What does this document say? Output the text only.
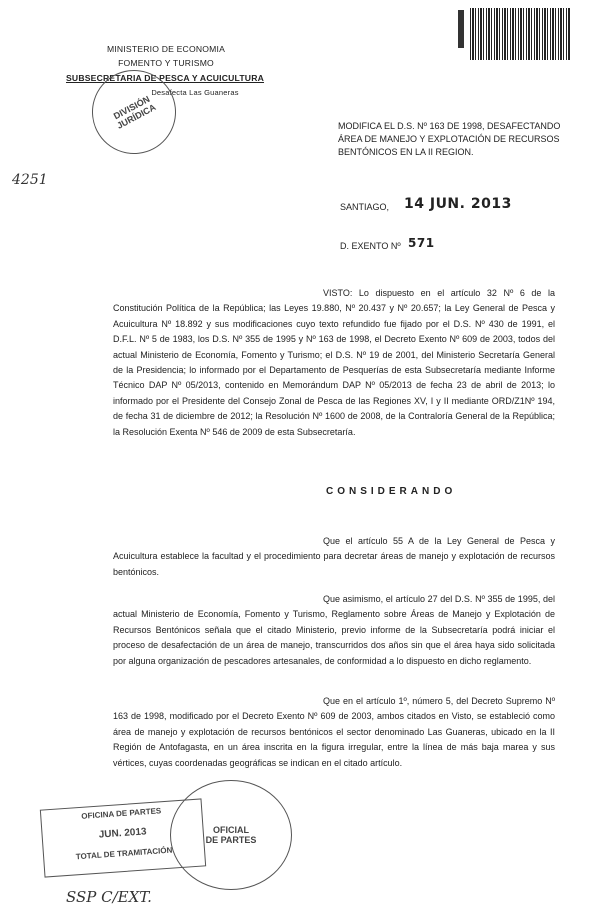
MINISTERIO DE ECONOMIA
FOMENTO Y TURISMO
SUBSECRETARIA DE PESCA Y ACUICULTURA
Desafecta Las Guaneras
DIVISIÓN JURÍDICA
4251
MODIFICA EL D.S. Nº 163 DE 1998, DESAFECTANDO ÁREA DE MANEJO Y EXPLOTACIÓN DE RECURSOS BENTÓNICOS EN LA II REGION.
SANTIAGO, 14 JUN. 2013
D. EXENTO Nº 571
VISTO: Lo dispuesto en el artículo 32 Nº 6 de la Constitución Política de la República; las Leyes 19.880, Nº 20.437 y Nº 20.657; la Ley General de Pesca y Acuicultura Nº 18.892 y sus modificaciones cuyo texto refundido fue fijado por el D.S. Nº 430 de 1991, el D.F.L. Nº 5 de 1983, los D.S. Nº 355 de 1995 y Nº 163 de 1998, el Decreto Exento Nº 609 de 2003, todos del actual Ministerio de Economía, Fomento y Turismo; el D.S. Nº 19 de 2001, del Ministerio Secretaría General de la Presidencia; lo informado por el Departamento de Pesquerías de esta Subsecretaría mediante Informe Técnico DAP Nº 05/2013, contenido en Memorándum DAP Nº 05/2013 de fecha 23 de abril de 2013; lo informado por el Presidente del Consejo Zonal de Pesca de las Regiones XV, I y II mediante ORD/Z1Nº 194, de fecha 31 de diciembre de 2012; la Resolución Nº 1600 de 2008, de la Contraloría General de la República; la Resolución Exenta Nº 546 de 2009 de esta Subsecretaría.
CONSIDERANDO
Que el artículo 55 A de la Ley General de Pesca y Acuicultura establece la facultad y el procedimiento para decretar áreas de manejo y explotación de recursos bentónicos.
Que asimismo, el artículo 27 del D.S. Nº 355 de 1995, del actual Ministerio de Economía, Fomento y Turismo, Reglamento sobre Áreas de Manejo y Explotación de Recursos Bentónicos señala que el citado Ministerio, previo informe de la Subsecretaría podrá iniciar el proceso de desafectación de un área de manejo, transcurridos dos años sin que el área haya sido solicitada por alguna organización de pescadores artesanales, de conformidad a lo dispuesto en dicho reglamento.
Que en el artículo 1º, número 5, del Decreto Supremo Nº 163 de 1998, modificado por el Decreto Exento Nº 609 de 2003, ambos citados en Visto, se estableció como área de manejo y explotación de recursos bentónicos el sector denominado Las Guaneras, ubicado en la II Región de Antofagasta, en un área inscrita en la figura irregular, entre la línea de más baja marea y sus vértices, cuyas coordenadas geográficas se indican en el citado artículo.
OFICINA DE PARTES
JUN. 2013
TOTAL DE TRAMITACIÓN
OFICIAL
DE PARTES
SSP C/EXT.
